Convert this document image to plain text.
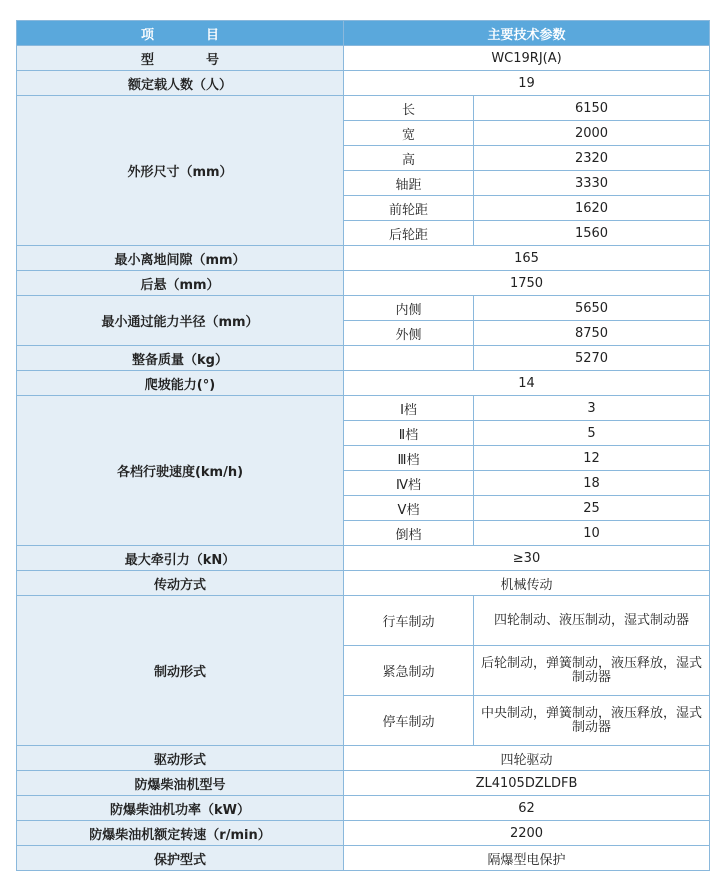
项　　　　目	主要技术参数	
型　　　　号	WC19RJ(A)	
额定载人数（人）	19	
外形尺寸（mm）	长	6150
	宽	2000
	高	2320
	轴距	3330
	前轮距	1620
	后轮距	1560
最小离地间隙（mm）	165	
后悬（mm）	1750	
最小通过能力半径（mm）	内侧	5650
	外侧	8750
整备质量（kg）		5270
爬坡能力(°)	14	
各档行驶速度(km/h)	Ⅰ档	3
	Ⅱ档	5
	Ⅲ档	12
	Ⅳ档	18
	Ⅴ档	25
	倒档	10
最大牵引力（kN）	≥30	
传动方式	机械传动	
制动形式	行车制动	四轮制动、液压制动，湿式制动器
	紧急制动	后轮制动，弹簧制动，液压释放，湿式制动器
	停车制动	中央制动，弹簧制动，液压释放，湿式制动器
驱动形式	四轮驱动	
防爆柴油机型号	ZL4105DZLDFB	
防爆柴油机功率（kW）	62	
防爆柴油机额定转速（r/min）	2200	
保护型式	隔爆型电保护	
